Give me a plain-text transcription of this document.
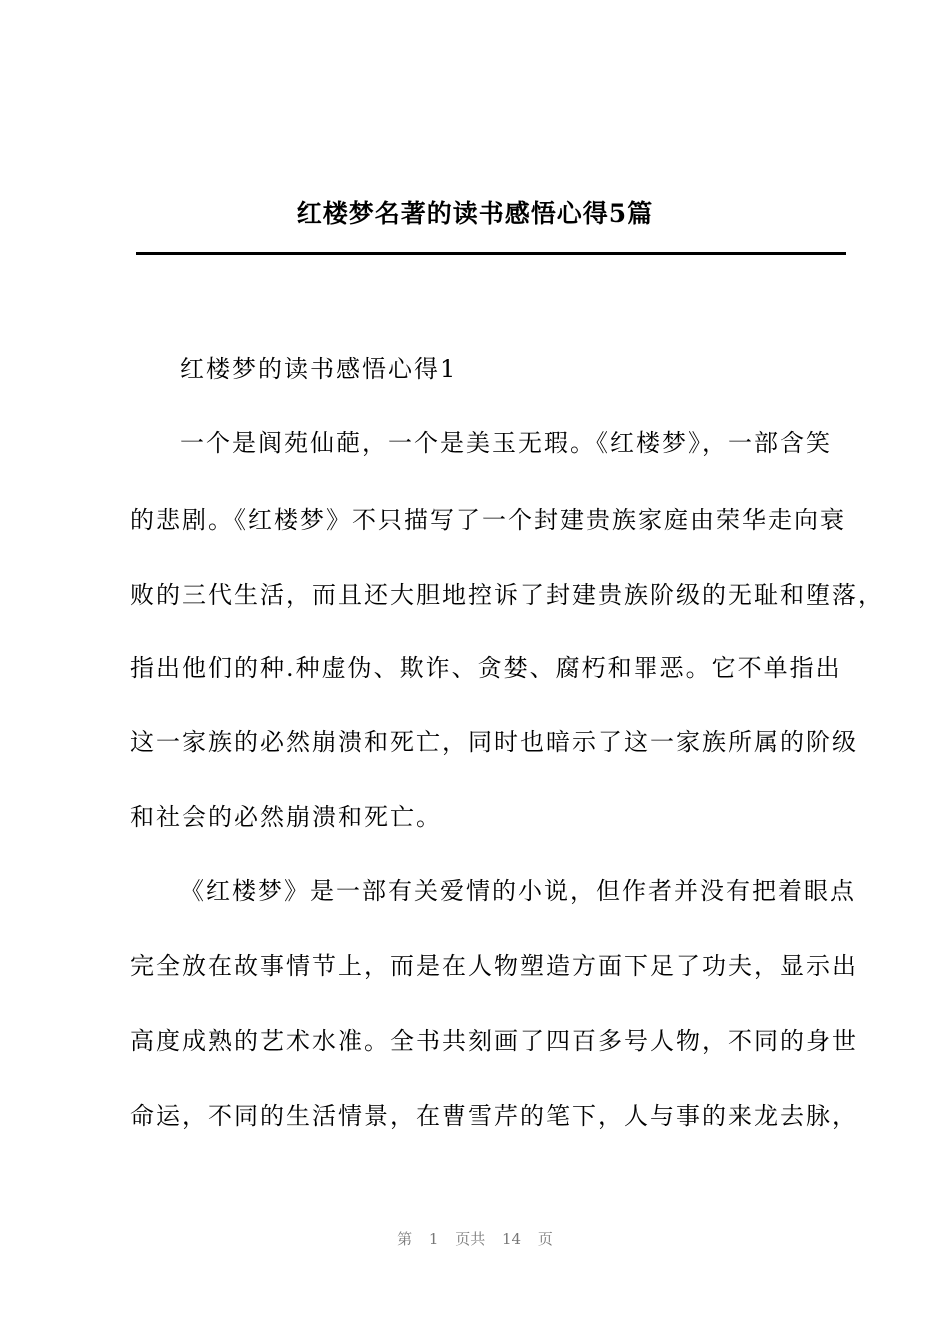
红楼梦名著的读书感悟心得5篇

红楼梦的读书感悟心得1

一个是阆苑仙葩，一个是美玉无瑕。《红楼梦》，一部含笑

的悲剧。《红楼梦》不只描写了一个封建贵族家庭由荣华走向衰

败的三代生活，而且还大胆地控诉了封建贵族阶级的无耻和堕落，

指出他们的种.种虚伪、欺诈、贪婪、腐朽和罪恶。它不单指出

这一家族的必然崩溃和死亡，同时也暗示了这一家族所属的阶级

和社会的必然崩溃和死亡。

《红楼梦》是一部有关爱情的小说，但作者并没有把着眼点

完全放在故事情节上，而是在人物塑造方面下足了功夫，显示出

高度成熟的艺术水准。全书共刻画了四百多号人物，不同的身世

命运，不同的生活情景，在曹雪芹的笔下，人与事的来龙去脉，

第 1 页共 14 页
